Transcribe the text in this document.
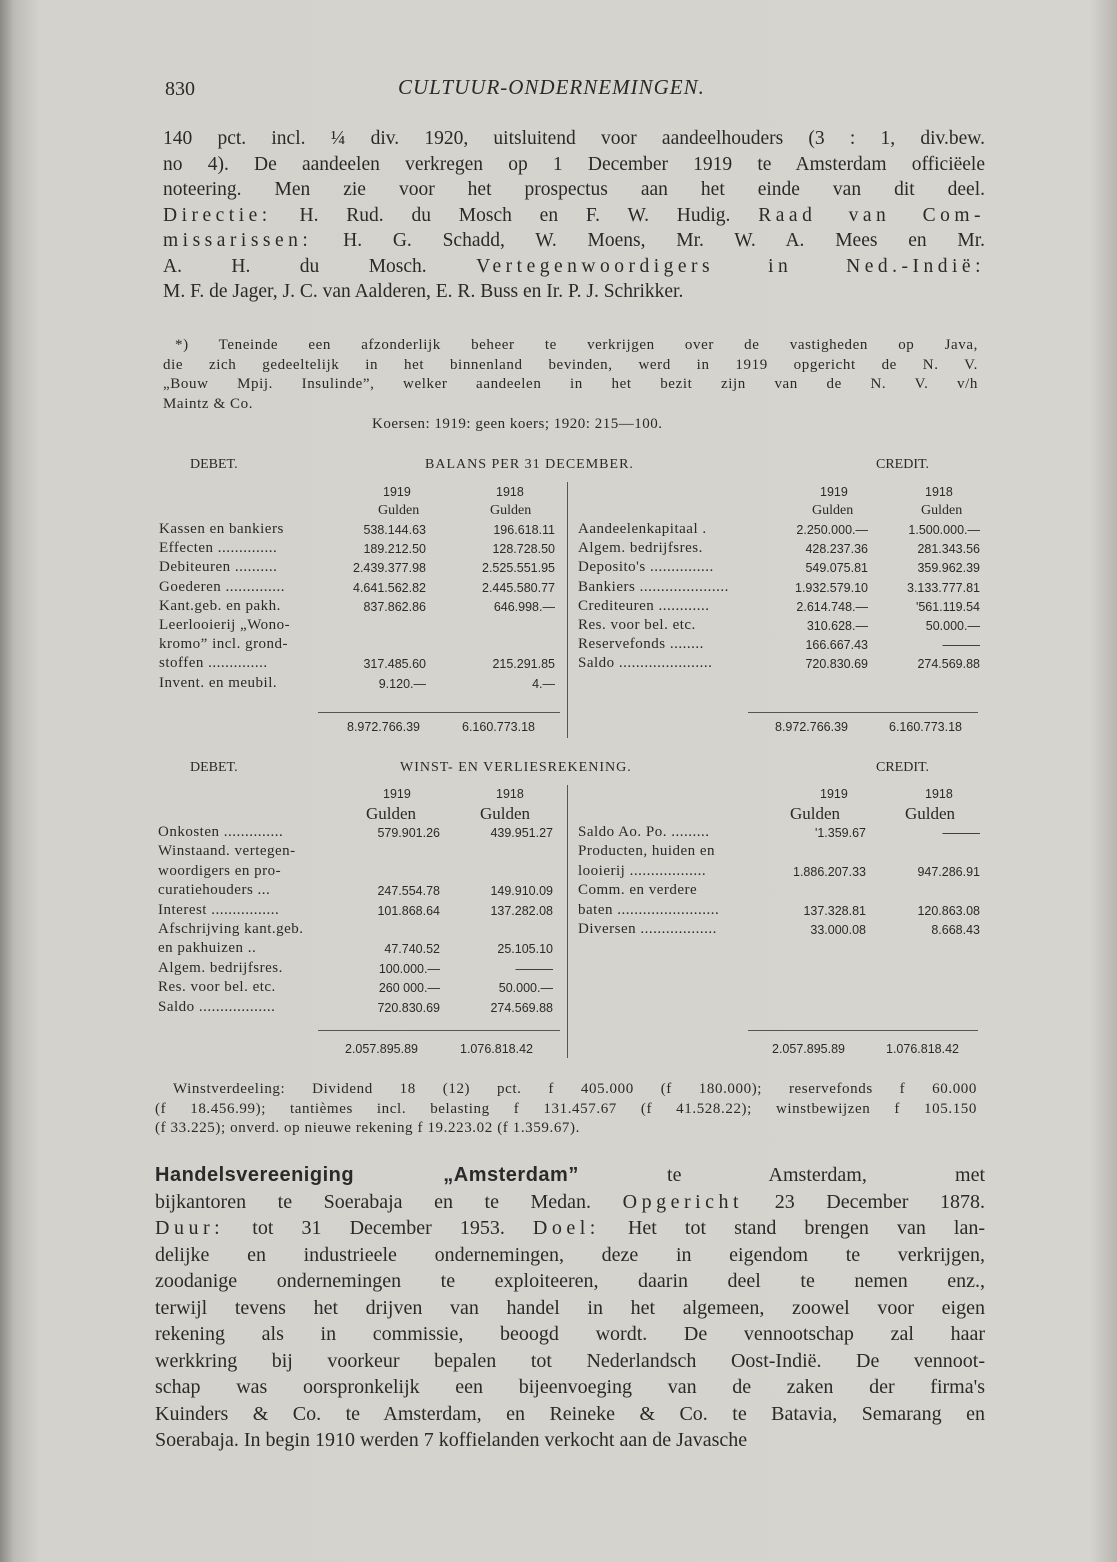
830	CULTUUR-ONDERNEMINGEN.
140 pct. incl. ¼ div. 1920, uitsluitend voor aandeelhouders (3 : 1, div.bew.
no 4). De aandeelen verkregen op 1 December 1919 te Amsterdam officiëele
noteering. Men zie voor het prospectus aan het einde van dit deel.
Directie: H. Rud. du Mosch en F. W. Hudig. Raad van Com-
missarissen: H. G. Schadd, W. Moens, Mr. W. A. Mees en Mr.
A. H. du Mosch.	Vertegenwoordigers in Ned.-Indië:
M. F. de Jager, J. C. van Aalderen, E. R. Buss en Ir. P. J. Schrikker.
*) Teneinde een afzonderlijk beheer te verkrijgen over de vastigheden op Java,
die zich gedeeltelijk in het binnenland bevinden, werd in 1919 opgericht de N. V.
„Bouw Mpij. Insulinde”, welker aandeelen in het bezit zijn van de N. V. v/h
Maintz & Co.
Koersen: 1919: geen koers; 1920: 215—100.
DEBET.	BALANS PER 31 DECEMBER.	CREDIT.
1919	1918
Gulden	Gulden
1919	1918
Gulden	Gulden
Kassen en bankiers	538.144.63	196.618.11
Effecten ..............	189.212.50	128.728.50
Debiteuren ..........	2.439.377.98	2.525.551.95
Goederen ..............	4.641.562.82	2.445.580.77
Kant.geb. en pakh.	837.862.86	646.998.—
Leerlooierij „Wono-
kromo” incl. grond-
stoffen ..............	317.485.60	215.291.85
Invent. en meubil.	9.120.—	4.—
Aandeelenkapitaal .	2.250.000.—	1.500.000.—
Algem. bedrijfsres.	428.237.36	281.343.56
Deposito's ...............	549.075.81	359.962.39
Bankiers .....................	1.932.579.10	3.133.777.81
Crediteuren ............	2.614.748.—	'561.119.54
Res. voor bel. etc.	310.628.—	50.000.—
Reservefonds ........	166.667.43	———
Saldo ......................	720.830.69	274.569.88
8.972.766.39	6.160.773.18	8.972.766.39	6.160.773.18
DEBET.	WINST- EN VERLIESREKENING.	CREDIT.
1919	1918
Gulden	Gulden
1919	1918
Gulden	Gulden
Onkosten ..............	579.901.26	439.951.27
Winstaand. vertegen-
woordigers en pro-
curatiehouders ...	247.554.78	149.910.09
Interest ................	101.868.64	137.282.08
Afschrijving kant.geb.
en pakhuizen ..	47.740.52	25.105.10
Algem. bedrijfsres.	100.000.—	———
Res. voor bel. etc.	260 000.—	50.000.—
Saldo ..................	720.830.69	274.569.88
Saldo Ao. Po. .........	'1.359.67	———
Producten, huiden en
looierij ..................	1.886.207.33	947.286.91
Comm. en verdere
baten ........................	137.328.81	120.863.08
Diversen ..................	33.000.08	8.668.43
2.057.895.89	1.076.818.42	2.057.895.89	1.076.818.42
Winstverdeeling: Dividend 18 (12) pct. f 405.000 (f 180.000); reservefonds f 60.000
(f 18.456.99); tantièmes incl. belasting f 131.457.67 (f 41.528.22); winstbewijzen f 105.150
(f 33.225); onverd. op nieuwe rekening f 19.223.02 (f 1.359.67).
Handelsvereeniging „Amsterdam”	te Amsterdam, met
bijkantoren te Soerabaja en te Medan. Opgericht 23 December 1878.
Duur: tot 31 December 1953. Doel: Het tot stand brengen van lan-
delijke en industrieele ondernemingen, deze in eigendom te verkrijgen,
zoodanige ondernemingen te exploiteeren, daarin deel te nemen enz.,
terwijl tevens het drijven van handel in het algemeen, zoowel voor eigen
rekening als in commissie, beoogd wordt. De vennootschap zal haar
werkkring bij voorkeur bepalen tot Nederlandsch Oost-Indië. De vennoot-
schap was oorspronkelijk een bijeenvoeging van de zaken der firma's
Kuinders & Co. te Amsterdam, en Reineke & Co. te Batavia, Semarang en
Soerabaja. In begin 1910 werden 7 koffielanden verkocht aan de Javasche
